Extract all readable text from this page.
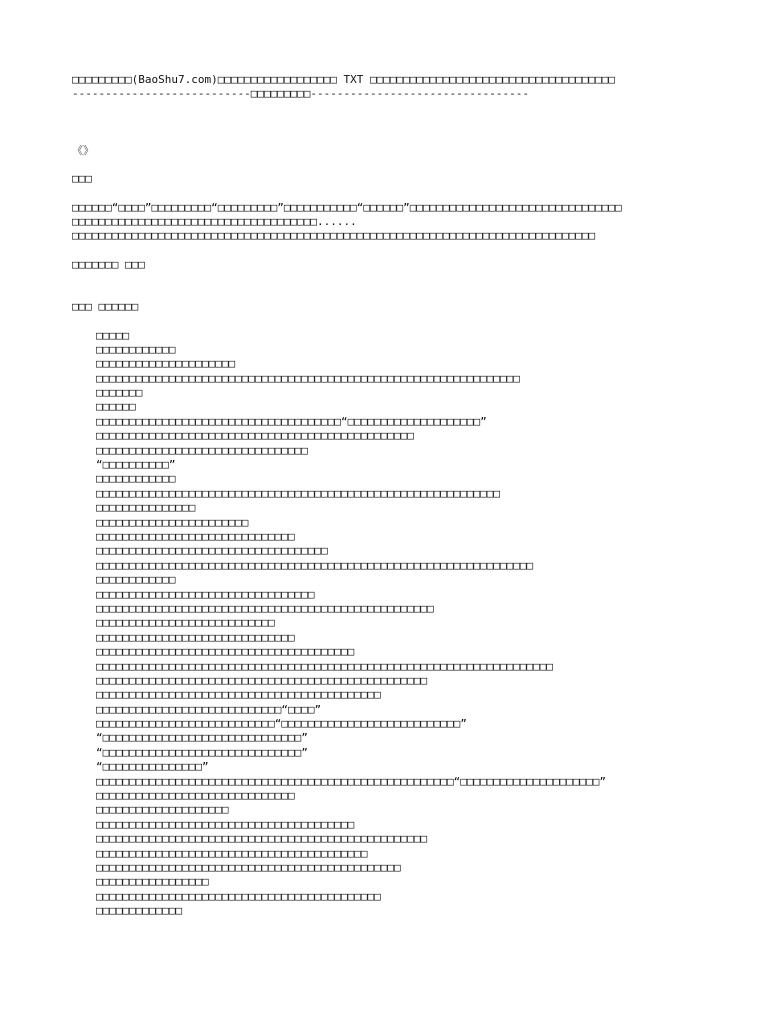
□□□□□□□□□(BaoShu7.com)□□□□□□□□□□□□□□□□□□ TXT □□□□□□□□□□□□□□□□□□□□□□□□□□□□□□□□□□□□□
---------------------------□□□□□□□□□---------------------------------
《》
□□□
□□□□□□“□□□□”□□□□□□□□□“□□□□□□□□□”□□□□□□□□□□□“□□□□□□”□□□□□□□□□□□□□□□□□□□□□□□□□□□□□□□□
□□□□□□□□□□□□□□□□□□□□□□□□□□□□□□□□□□□□□......
□□□□□□□□□□□□□□□□□□□□□□□□□□□□□□□□□□□□□□□□□□□□□□□□□□□□□□□□□□□□□□□□□□□□□□□□□□□□□□□
□□□□□□□ □□□
□□□ □□□□□□
□□□□□
□□□□□□□□□□□□
□□□□□□□□□□□□□□□□□□□□□
□□□□□□□□□□□□□□□□□□□□□□□□□□□□□□□□□□□□□□□□□□□□□□□□□□□□□□□□□□□□□□□□
□□□□□□□
□□□□□□
□□□□□□□□□□□□□□□□□□□□□□□□□□□□□□□□□□□□□“□□□□□□□□□□□□□□□□□□□□”
□□□□□□□□□□□□□□□□□□□□□□□□□□□□□□□□□□□□□□□□□□□□□□□□
□□□□□□□□□□□□□□□□□□□□□□□□□□□□□□□□
“□□□□□□□□□□”
□□□□□□□□□□□□
□□□□□□□□□□□□□□□□□□□□□□□□□□□□□□□□□□□□□□□□□□□□□□□□□□□□□□□□□□□□□
□□□□□□□□□□□□□□□
□□□□□□□□□□□□□□□□□□□□□□□
□□□□□□□□□□□□□□□□□□□□□□□□□□□□□□
□□□□□□□□□□□□□□□□□□□□□□□□□□□□□□□□□□□
□□□□□□□□□□□□□□□□□□□□□□□□□□□□□□□□□□□□□□□□□□□□□□□□□□□□□□□□□□□□□□□□□□
□□□□□□□□□□□□
□□□□□□□□□□□□□□□□□□□□□□□□□□□□□□□□□
□□□□□□□□□□□□□□□□□□□□□□□□□□□□□□□□□□□□□□□□□□□□□□□□□□□
□□□□□□□□□□□□□□□□□□□□□□□□□□□
□□□□□□□□□□□□□□□□□□□□□□□□□□□□□□
□□□□□□□□□□□□□□□□□□□□□□□□□□□□□□□□□□□□□□□
□□□□□□□□□□□□□□□□□□□□□□□□□□□□□□□□□□□□□□□□□□□□□□□□□□□□□□□□□□□□□□□□□□□□□
□□□□□□□□□□□□□□□□□□□□□□□□□□□□□□□□□□□□□□□□□□□□□□□□□□
□□□□□□□□□□□□□□□□□□□□□□□□□□□□□□□□□□□□□□□□□□□
□□□□□□□□□□□□□□□□□□□□□□□□□□□□“□□□□”
□□□□□□□□□□□□□□□□□□□□□□□□□□□“□□□□□□□□□□□□□□□□□□□□□□□□□□□”
“□□□□□□□□□□□□□□□□□□□□□□□□□□□□□□”
“□□□□□□□□□□□□□□□□□□□□□□□□□□□□□□”
“□□□□□□□□□□□□□□□”
□□□□□□□□□□□□□□□□□□□□□□□□□□□□□□□□□□□□□□□□□□□□□□□□□□□□□□“□□□□□□□□□□□□□□□□□□□□□”
□□□□□□□□□□□□□□□□□□□□□□□□□□□□□□
□□□□□□□□□□□□□□□□□□□□
□□□□□□□□□□□□□□□□□□□□□□□□□□□□□□□□□□□□□□□
□□□□□□□□□□□□□□□□□□□□□□□□□□□□□□□□□□□□□□□□□□□□□□□□□□
□□□□□□□□□□□□□□□□□□□□□□□□□□□□□□□□□□□□□□□□□
□□□□□□□□□□□□□□□□□□□□□□□□□□□□□□□□□□□□□□□□□□□□□□
□□□□□□□□□□□□□□□□□
□□□□□□□□□□□□□□□□□□□□□□□□□□□□□□□□□□□□□□□□□□□
□□□□□□□□□□□□□
